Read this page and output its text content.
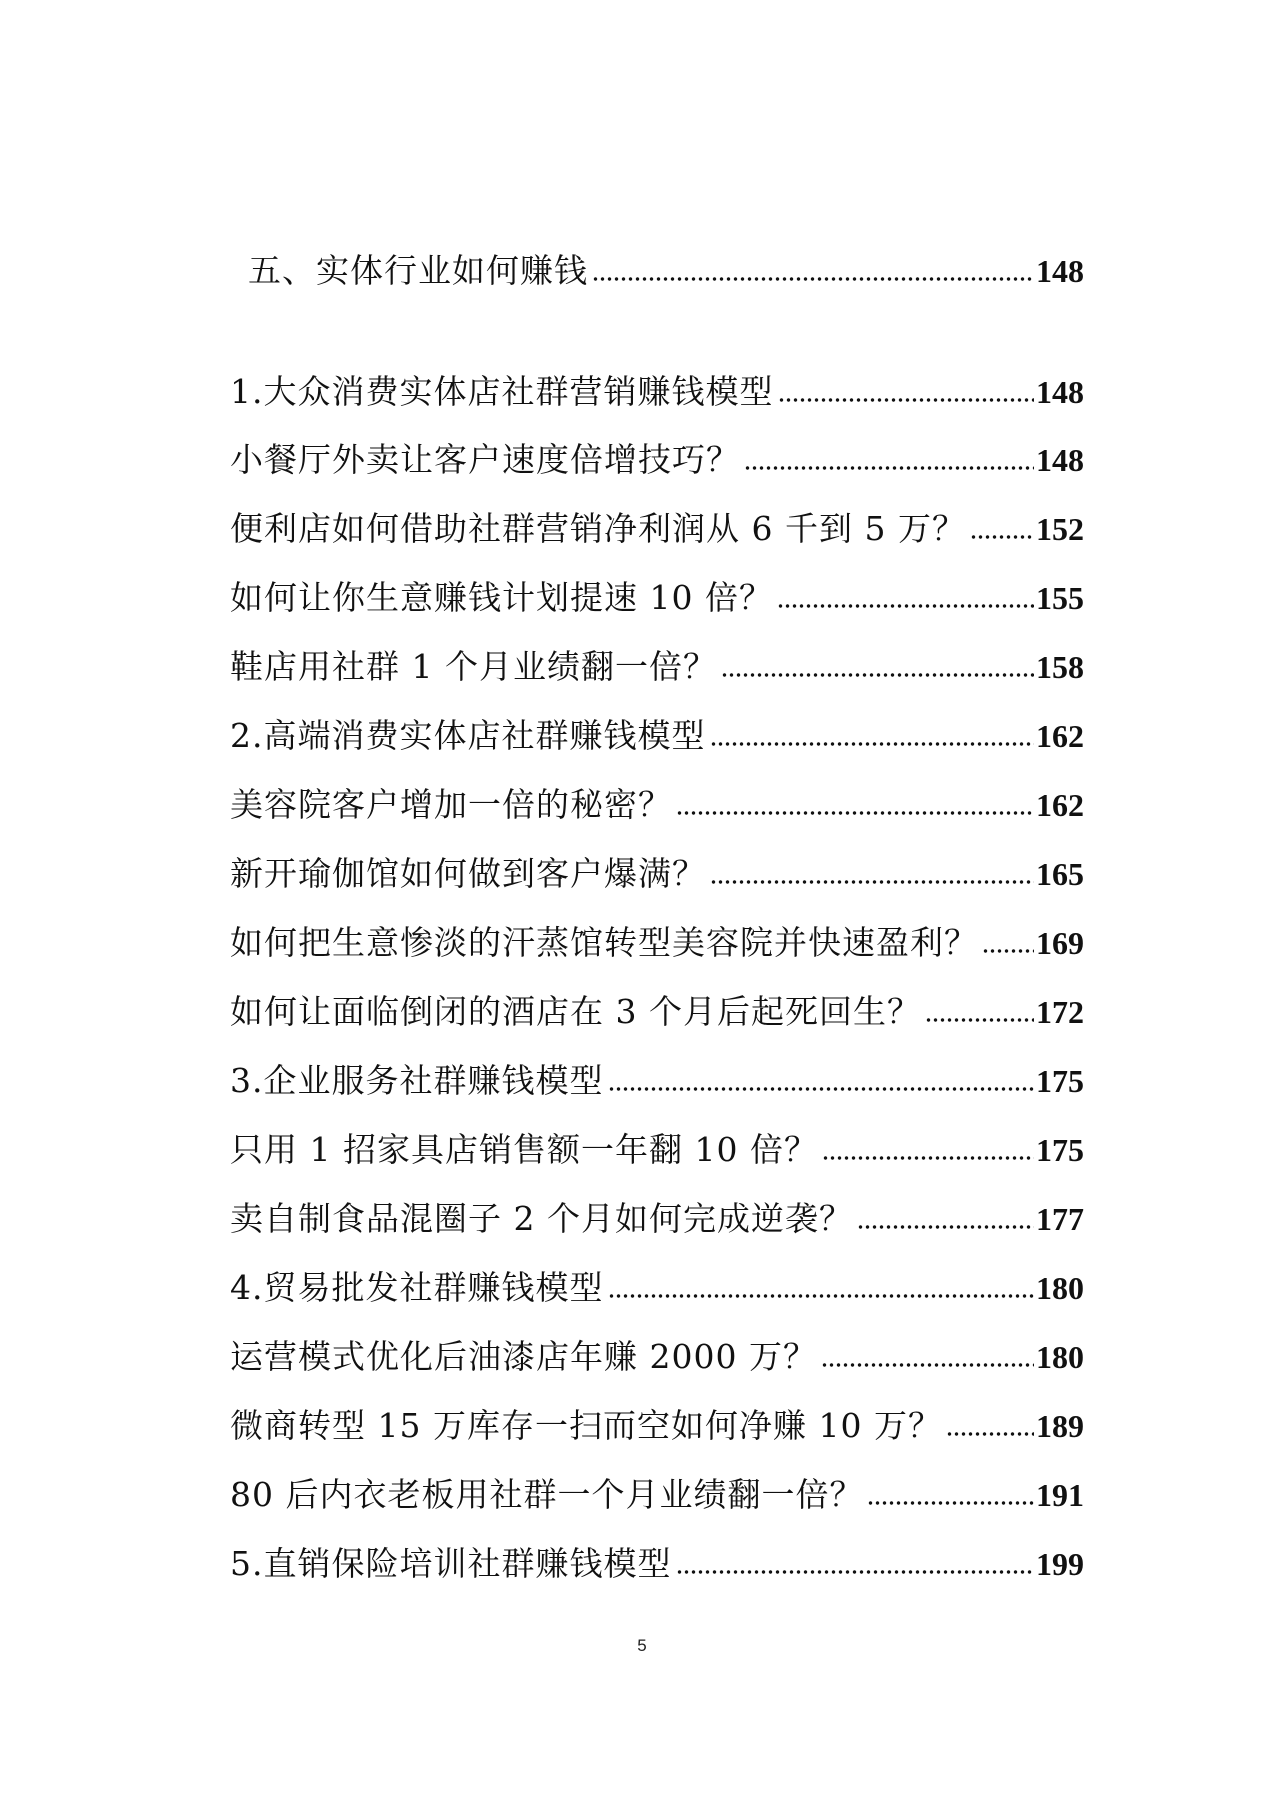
五、实体行业如何赚钱	148
1.大众消费实体店社群营销赚钱模型	148
小餐厅外卖让客户速度倍增技巧？	148
便利店如何借助社群营销净利润从 6 千到 5 万？ 152
如何让你生意赚钱计划提速 10 倍？	155
鞋店用社群 1 个月业绩翻一倍？	158
2.高端消费实体店社群赚钱模型	162
美容院客户增加一倍的秘密？	162
新开瑜伽馆如何做到客户爆满？	165
如何把生意惨淡的汗蒸馆转型美容院并快速盈利？ 169
如何让面临倒闭的酒店在 3 个月后起死回生？	172
3.企业服务社群赚钱模型	175
只用 1 招家具店销售额一年翻 10 倍？	175
卖自制食品混圈子 2 个月如何完成逆袭？	177
4.贸易批发社群赚钱模型	180
运营模式优化后油漆店年赚 2000 万？	180
微商转型 15 万库存一扫而空如何净赚 10 万？	189
80 后内衣老板用社群一个月业绩翻一倍？	191
5.直销保险培训社群赚钱模型	199
5
